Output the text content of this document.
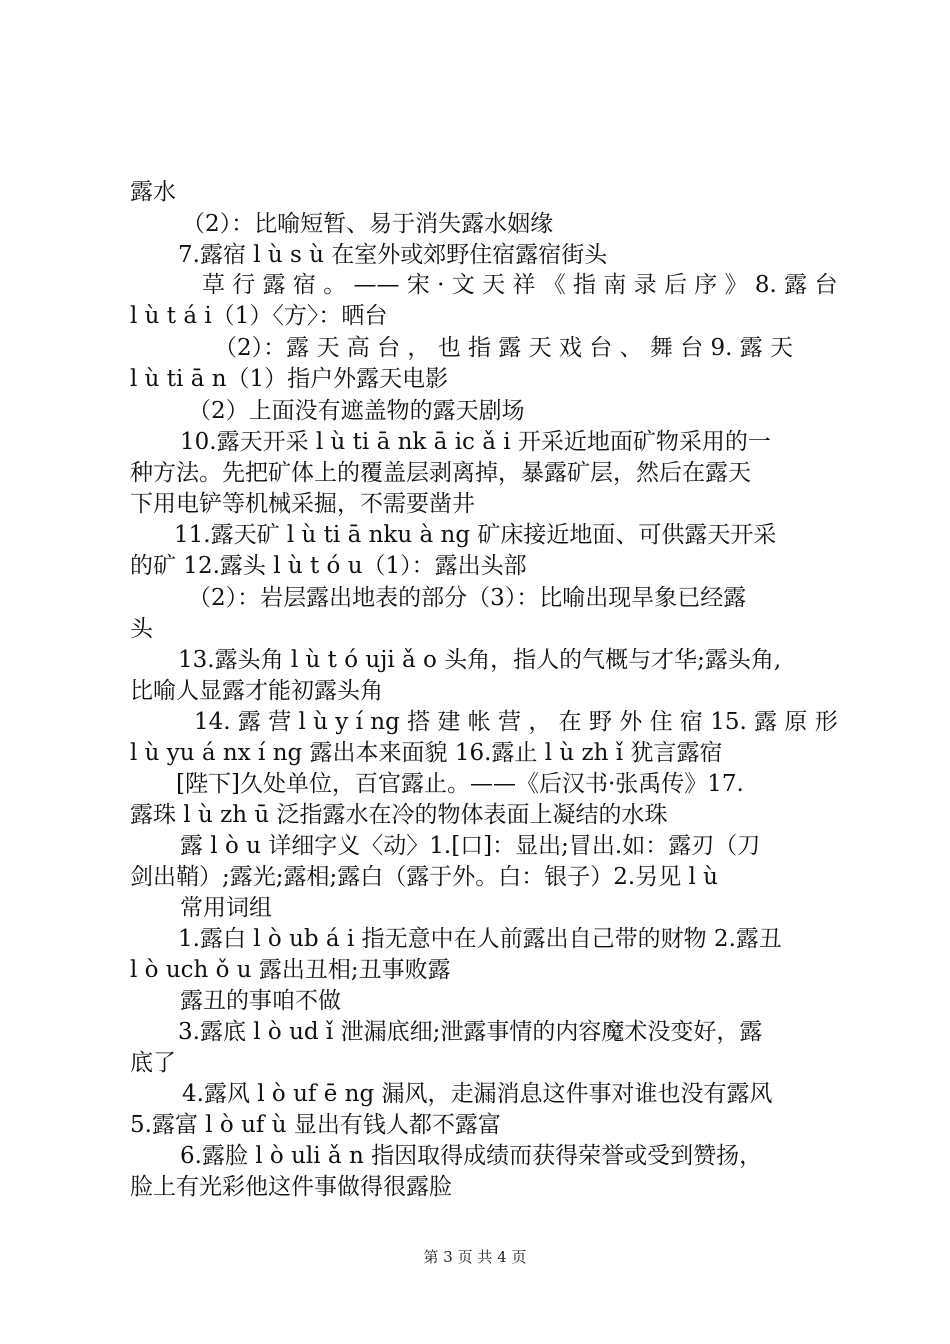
露水
（2）：比喻短暂、易于消失露水姻缘
7.露宿 l ù s ù 在室外或郊野住宿露宿街头
草 行 露 宿 。 —— 宋 · 文 天 祥 《 指 南 录 后 序 》 8. 露 台
l ù t á i（1）〈方〉：晒台
（2）：露 天 高 台 ， 也 指 露 天 戏 台 、 舞 台 9. 露 天
l ù ti ā n（1）指户外露天电影
（2）上面没有遮盖物的露天剧场
10.露天开采 l ù ti ā nk ā ic ǎ i 开采近地面矿物采用的一
种方法。先把矿体上的覆盖层剥离掉，暴露矿层，然后在露天
下用电铲等机械采掘，不需要凿井
11.露天矿 l ù ti ā nku à ng 矿床接近地面、可供露天开采
的矿 12.露头 l ù t ó u（1）：露出头部
（2）：岩层露出地表的部分（3）：比喻出现旱象已经露
头
13.露头角 l ù t ó uji ǎ o 头角，指人的气概与才华;露头角,
比喻人显露才能初露头角
14. 露 营 l ù y í ng 搭 建 帐 营 ， 在 野 外 住 宿 15. 露 原 形
l ù yu á nx í ng 露出本来面貌 16.露止 l ù zh ǐ 犹言露宿
[陛下]久处单位，百官露止。——《后汉书·张禹传》17.
露珠 l ù zh ū 泛指露水在冷的物体表面上凝结的水珠
露 l ò u 详细字义〈动〉1.[口]：显出;冒出.如：露刃（刀
剑出鞘）;露光;露相;露白（露于外。白：银子）2.另见 l ù
常用词组
1.露白 l ò ub á i 指无意中在人前露出自己带的财物 2.露丑
l ò uch ǒ u 露出丑相;丑事败露
露丑的事咱不做
3.露底 l ò ud ǐ 泄漏底细;泄露事情的内容魔术没变好，露
底了
4.露风 l ò uf ē ng 漏风，走漏消息这件事对谁也没有露风
5.露富 l ò uf ù 显出有钱人都不露富
6.露脸 l ò uli ǎ n 指因取得成绩而获得荣誉或受到赞扬，
脸上有光彩他这件事做得很露脸
第 3 页 共 4 页
